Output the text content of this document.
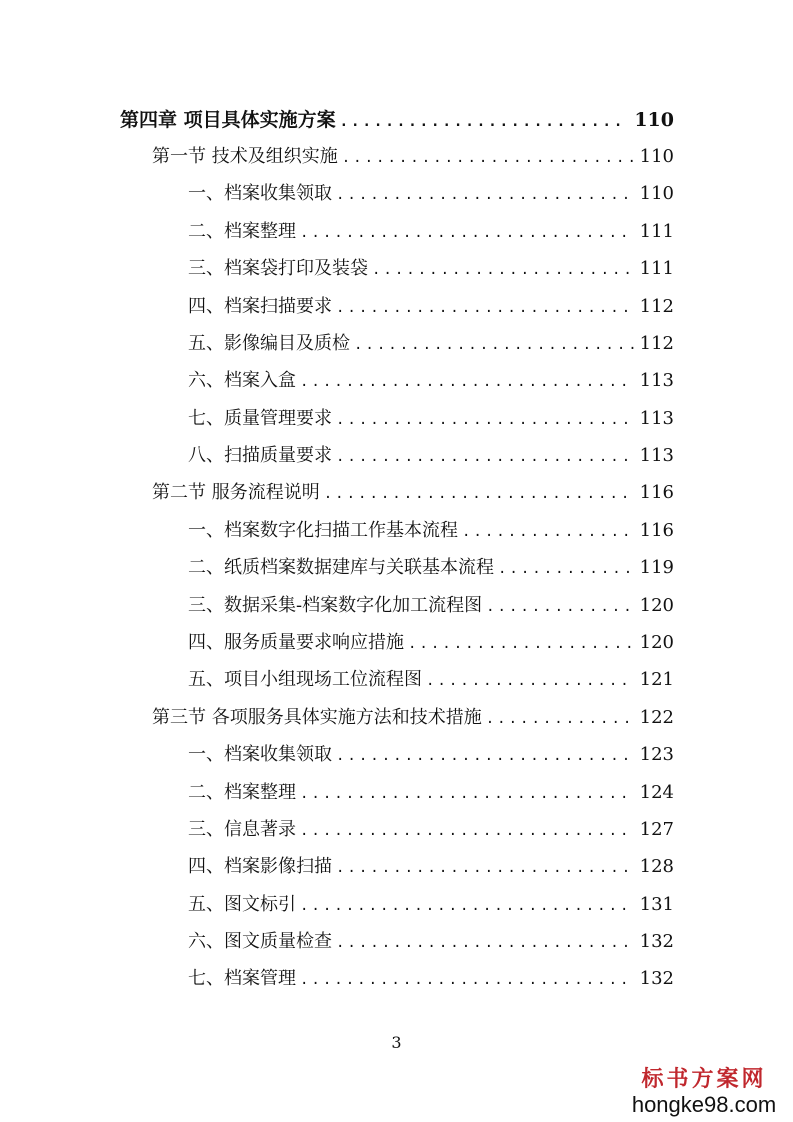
第四章 项目具体实施方案 .....	110
第一节 技术及组织实施 .....	110
一、档案收集领取 .....	110
二、档案整理 .....	111
三、档案袋打印及装袋 .....	111
四、档案扫描要求 .....	112
五、影像编目及质检 .....	112
六、档案入盒 .....	113
七、质量管理要求 .....	113
八、扫描质量要求 .....	113
第二节 服务流程说明 .....	116
一、档案数字化扫描工作基本流程 .....	116
二、纸质档案数据建库与关联基本流程 .....	119
三、数据采集-档案数字化加工流程图 .....	120
四、服务质量要求响应措施 .....	120
五、项目小组现场工位流程图 .....	121
第三节 各项服务具体实施方法和技术措施 .....	122
一、档案收集领取 .....	123
二、档案整理 .....	124
三、信息著录 .....	127
四、档案影像扫描 .....	128
五、图文标引 .....	131
六、图文质量检查 .....	132
七、档案管理 .....	132
3
标书方案网
hongke98.com
